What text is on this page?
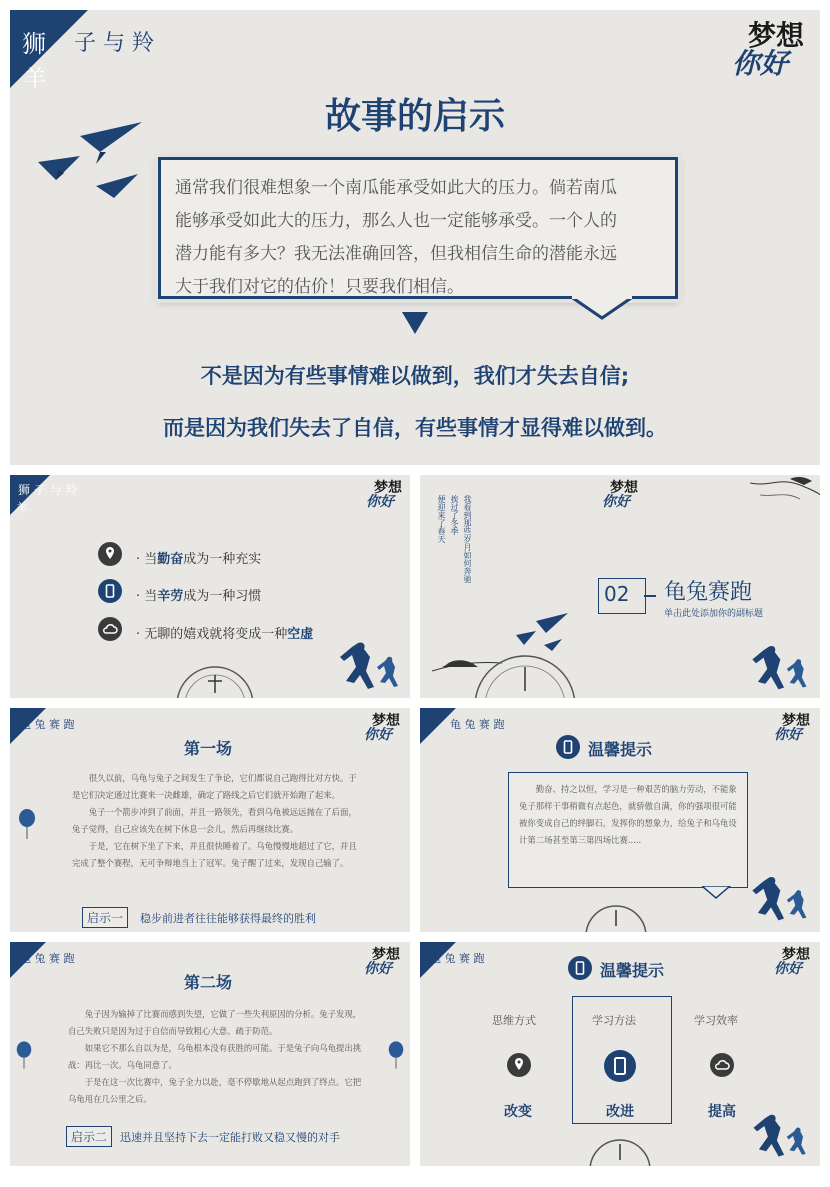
狮 子 与 羚
羊
梦想
你好
故事的启示
通常我们很难想象一个南瓜能承受如此大的压力。倘若南瓜
能够承受如此大的压力，那么人也一定能够承受。一个人的
潜力能有多大？我无法准确回答，但我相信生命的潜能永远
大于我们对它的估价！只要我们相信。
不是因为有些事情难以做到，我们才失去自信;
而是因为我们失去了自信，有些事情才显得难以做到。
狮 子 与 羚
羊
梦想
你好
· 当勤奋成为一种充实
· 当辛劳成为一种习惯
· 无聊的嬉戏就将变成一种空虚
便迎来了春天 挨过了冬季 我看到那些岁月如何奔驰
梦想
你好
02 龟兔赛跑
单击此处添加你的副标题
龟 兔 赛 跑	梦想
你好
第一场

很久以前，乌龟与兔子之间发生了争论，它们都说自己跑得比对方快。于是它们决定通过比赛来一决雌雄，确定了路线之后它们就开始跑了起来。

兔子一个箭步冲到了前面，并且一路领先，看到乌龟被远远抛在了后面，兔子觉得，自己应该先在树下休息一会儿，然后再继续比赛。

于是，它在树下坐了下来，并且很快睡着了。乌龟慢慢地超过了它，并且完成了整个赛程，无可争辩地当上了冠军。兔子醒了过来，发现自己输了。

启示一	稳步前进者往往能够获得最终的胜利
龟 兔 赛 跑	梦想
你好
温馨提示
勤奋、持之以恒，学习是一种艰苦的脑力劳动，不能象兔子那样干事稍微有点起色，就骄傲自满，你的强项很可能被你变成自己的绊脚石，发挥你的想象力，给兔子和乌龟设计第二场甚至第三第四场比赛.....
龟 兔 赛 跑	梦想
你好
第二场

兔子因为输掉了比赛而感到失望，它做了一些失利原因的分析。兔子发现，自己失败只是因为过于自信而导致粗心大意、疏于防范。

如果它不那么自以为是，乌龟根本没有获胜的可能。于是兔子向乌龟提出挑战：再比一次。乌龟同意了。

于是在这一次比赛中，兔子全力以赴，毫不停歇地从起点跑到了终点。它把乌龟甩在几公里之后。

启示二	迅速并且坚持下去一定能打败又稳又慢的对手
龟 兔 赛 跑	梦想
你好
温馨提示
思维方式
改变
学习方法
改进
学习效率
提高
